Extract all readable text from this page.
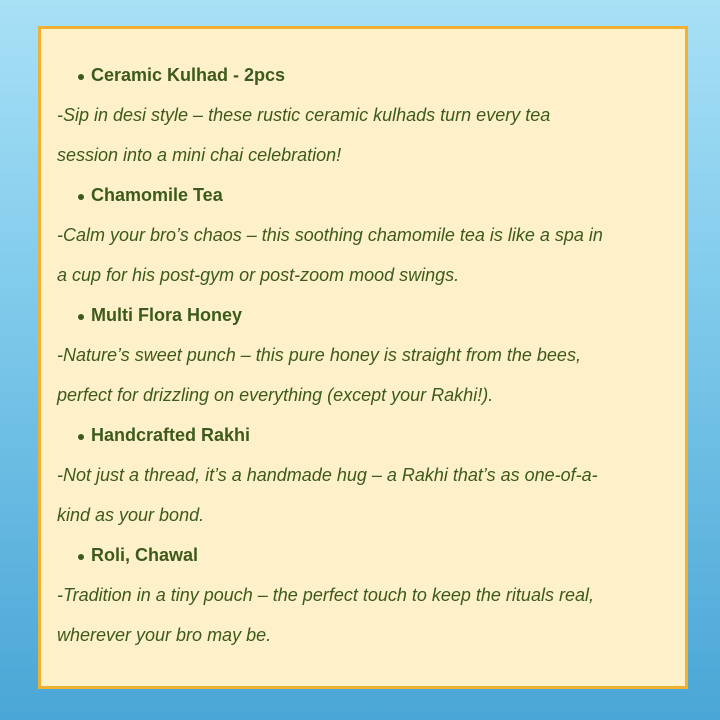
Ceramic Kulhad - 2pcs
-Sip in desi style – these rustic ceramic kulhads turn every tea
session into a mini chai celebration!
Chamomile Tea
-Calm your bro’s chaos – this soothing chamomile tea is like a spa in
a cup for his post-gym or post-zoom mood swings.
Multi Flora Honey
-Nature’s sweet punch – this pure honey is straight from the bees,
perfect for drizzling on everything (except your Rakhi!).
Handcrafted Rakhi
-Not just a thread, it’s a handmade hug – a Rakhi that’s as one-of-a-
kind as your bond.
Roli, Chawal
-Tradition in a tiny pouch – the perfect touch to keep the rituals real,
wherever your bro may be.
